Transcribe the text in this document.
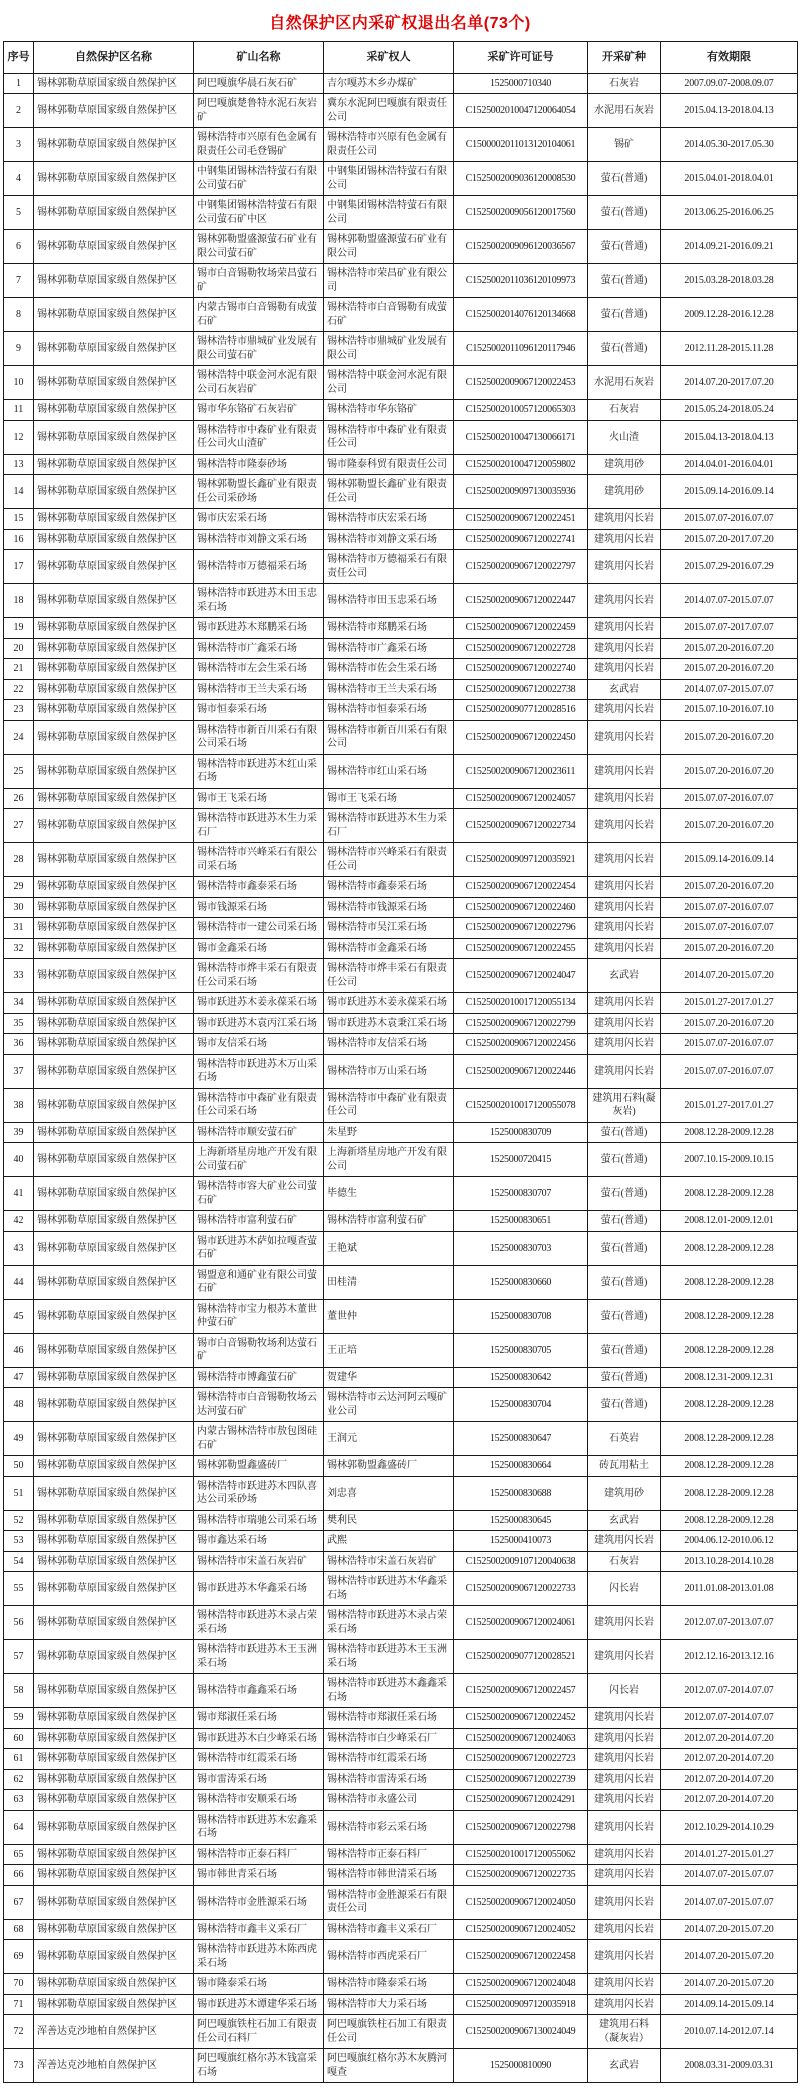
自然保护区内采矿权退出名单(73个)
序号	自然保护区名称	矿山名称	采矿权人	采矿许可证号	开采矿种	有效期限
1	锡林郭勒草原国家级自然保护区	阿巴嘎旗华晨石灰石矿	吉尔嘎苏木乡办煤矿	1525000710340	石灰岩	2007.09.07-2008.09.07
2	锡林郭勒草原国家级自然保护区	阿巴嘎旗楚鲁特水泥石灰岩矿	冀东水泥阿巴嘎旗有限责任公司	C1525002010047120064054	水泥用石灰岩	2015.04.13-2018.04.13
3	锡林郭勒草原国家级自然保护区	锡林浩特市兴原有色金属有限责任公司毛登锡矿	锡林浩特市兴原有色金属有限责任公司	C1500002011013120104061	锡矿	2014.05.30-2017.05.30
4	锡林郭勒草原国家级自然保护区	中钢集团锡林浩特萤石有限公司萤石矿	中钢集团锡林浩特萤石有限公司	C1525002009036120008530	萤石(普通)	2015.04.01-2018.04.01
5	锡林郭勒草原国家级自然保护区	中钢集团锡林浩特萤石有限公司萤石矿中区	中钢集团锡林浩特萤石有限公司	C1525002009056120017560	萤石(普通)	2013.06.25-2016.06.25
6	锡林郭勒草原国家级自然保护区	锡林郭勒盟盛源萤石矿业有限公司萤石矿	锡林郭勒盟盛源萤石矿业有限公司	C1525002009096120036567	萤石(普通)	2014.09.21-2016.09.21
7	锡林郭勒草原国家级自然保护区	锡市白音锡勒牧场荣昌萤石矿	锡林浩特市荣昌矿业有限公司	C1525002011036120109973	萤石(普通)	2015.03.28-2018.03.28
8	锡林郭勒草原国家级自然保护区	内蒙古锡市白音锡勒有成萤石矿	锡林浩特市白音锡勒有成萤石矿	C1525002014076120134668	萤石(普通)	2009.12.28-2016.12.28
9	锡林郭勒草原国家级自然保护区	锡林浩特市鼎城矿业发展有限公司萤石矿	锡林浩特市鼎城矿业发展有限公司	C1525002011096120117946	萤石(普通)	2012.11.28-2015.11.28
10	锡林郭勒草原国家级自然保护区	锡林浩特中联金河水泥有限公司石灰岩矿	锡林浩特中联金河水泥有限公司	C1525002009067120022453	水泥用石灰岩	2014.07.20-2017.07.20
11	锡林郭勒草原国家级自然保护区	锡市华东铬矿石灰岩矿	锡林浩特市华东铬矿	C1525002010057120065303	石灰岩	2015.05.24-2018.05.24
12	锡林郭勒草原国家级自然保护区	锡林浩特市中森矿业有限责任公司火山渣矿	锡林浩特市中森矿业有限责任公司	C1525002010047130066171	火山渣	2015.04.13-2018.04.13
13	锡林郭勒草原国家级自然保护区	锡林浩特市隆泰砂场	锡市隆泰科贸有限责任公司	C1525002010047120059802	建筑用砂	2014.04.01-2016.04.01
14	锡林郭勒草原国家级自然保护区	锡林郭勒盟长鑫矿业有限责任公司采砂场	锡林郭勒盟长鑫矿业有限责任公司	C1525002009097130035936	建筑用砂	2015.09.14-2016.09.14
15	锡林郭勒草原国家级自然保护区	锡市庆宏采石场	锡林浩特市庆宏采石场	C1525002009067120022451	建筑用闪长岩	2015.07.07-2016.07.07
16	锡林郭勒草原国家级自然保护区	锡林浩特市刘静文采石场	锡林浩特市刘静文采石场	C1525002009067120022741	建筑用闪长岩	2015.07.20-2017.07.20
17	锡林郭勒草原国家级自然保护区	锡林浩特市万德福采石场	锡林浩特市万德福采石有限责任公司	C1525002009067120022797	建筑用闪长岩	2015.07.29-2016.07.29
18	锡林郭勒草原国家级自然保护区	锡林浩特市跃进苏木田玉忠采石场	锡林浩特市田玉忠采石场	C1525002009067120022447	建筑用闪长岩	2014.07.07-2015.07.07
19	锡林郭勒草原国家级自然保护区	锡市跃进苏木郑鹏采石场	锡林浩特市郑鹏采石场	C1525002009067120022459	建筑用闪长岩	2015.07.07-2017.07.07
20	锡林郭勒草原国家级自然保护区	锡林浩特市广鑫采石场	锡林浩特市广鑫采石场	C1525002009067120022728	建筑用闪长岩	2015.07.20-2016.07.20
21	锡林郭勒草原国家级自然保护区	锡林浩特市左会生采石场	锡林浩特市佐会生采石场	C1525002009067120022740	建筑用闪长岩	2015.07.20-2016.07.20
22	锡林郭勒草原国家级自然保护区	锡林浩特市王兰夫采石场	锡林浩特市王兰夫采石场	C1525002009067120022738	玄武岩	2014.07.07-2015.07.07
23	锡林郭勒草原国家级自然保护区	锡市恒泰采石场	锡林浩特市恒泰采石场	C1525002009077120028516	建筑用闪长岩	2015.07.10-2016.07.10
24	锡林郭勒草原国家级自然保护区	锡林浩特市新百川采石有限公司采石场	锡林浩特市新百川采石有限公司	C1525002009067120022450	建筑用闪长岩	2015.07.20-2016.07.20
25	锡林郭勒草原国家级自然保护区	锡林浩特市跃进苏木红山采石场	锡林浩特市红山采石场	C1525002009067120023611	建筑用闪长岩	2015.07.20-2016.07.20
26	锡林郭勒草原国家级自然保护区	锡市王飞采石场	锡市王飞采石场	C1525002009067120024057	建筑用闪长岩	2015.07.07-2016.07.07
27	锡林郭勒草原国家级自然保护区	锡林浩特市跃进苏木生力采石厂	锡林浩特市跃进苏木生力采石厂	C1525002009067120022734	建筑用闪长岩	2015.07.20-2016.07.20
28	锡林郭勒草原国家级自然保护区	锡林浩特市兴峰采石有限公司采石场	锡林浩特市兴峰采石有限责任公司	C1525002009097120035921	建筑用闪长岩	2015.09.14-2016.09.14
29	锡林郭勒草原国家级自然保护区	锡林浩特市鑫泰采石场	锡林浩特市鑫泰采石场	C1525002009067120022454	建筑用闪长岩	2015.07.20-2016.07.20
30	锡林郭勒草原国家级自然保护区	锡市钱源采石场	锡林浩特市钱源采石场	C1525002009067120022460	建筑用闪长岩	2015.07.07-2016.07.07
31	锡林郭勒草原国家级自然保护区	锡林浩特市一建公司采石场	锡林浩特市吴江采石场	C1525002009067120022796	建筑用闪长岩	2015.07.07-2016.07.07
32	锡林郭勒草原国家级自然保护区	锡市金鑫采石场	锡林浩特市金鑫采石场	C1525002009067120022455	建筑用闪长岩	2015.07.20-2016.07.20
33	锡林郭勒草原国家级自然保护区	锡林浩特市烨丰采石有限责任公司采石场	锡林浩特市烨丰采石有限责任公司	C1525002009067120024047	玄武岩	2014.07.20-2015.07.20
34	锡林郭勒草原国家级自然保护区	锡市跃进苏木姜永葆采石场	锡市跃进苏木姜永葆采石场	C1525002010017120055134	建筑用闪长岩	2015.01.27-2017.01.27
35	锡林郭勒草原国家级自然保护区	锡市跃进苏木袁丙江采石场	锡市跃进苏木袁秉江采石场	C1525002009067120022799	建筑用闪长岩	2015.07.20-2016.07.20
36	锡林郭勒草原国家级自然保护区	锡市友信采石场	锡林浩特市友信采石场	C1525002009067120022456	建筑用闪长岩	2015.07.07-2016.07.07
37	锡林郭勒草原国家级自然保护区	锡林浩特市跃进苏木万山采石场	锡林浩特市万山采石场	C1525002009067120022446	建筑用闪长岩	2015.07.07-2016.07.07
38	锡林郭勒草原国家级自然保护区	锡林浩特市中森矿业有限责任公司采石场	锡林浩特市中森矿业有限责任公司	C1525002010017120055078	建筑用石料(凝灰岩)	2015.01.27-2017.01.27
39	锡林郭勒草原国家级自然保护区	锡林浩特市顺安萤石矿	朱星野	1525000830709	萤石(普通)	2008.12.28-2009.12.28
40	锡林郭勒草原国家级自然保护区	上海新塔星房地产开发有限公司萤石矿	上海新塔星房地产开发有限公司	1525000720415	萤石(普通)	2007.10.15-2009.10.15
41	锡林郭勒草原国家级自然保护区	锡林浩特市容大矿业公司萤石矿	毕德生	1525000830707	萤石(普通)	2008.12.28-2009.12.28
42	锡林郭勒草原国家级自然保护区	锡林浩特市富利萤石矿	锡林浩特市富利萤石矿	1525000830651	萤石(普通)	2008.12.01-2009.12.01
43	锡林郭勒草原国家级自然保护区	锡市跃进苏木萨如拉嘎查萤石矿	王艳斌	1525000830703	萤石(普通)	2008.12.28-2009.12.28
44	锡林郭勒草原国家级自然保护区	锡盟意和通矿业有限公司萤石矿	田桂清	1525000830660	萤石(普通)	2008.12.28-2009.12.28
45	锡林郭勒草原国家级自然保护区	锡林浩特市宝力根苏木董世仲萤石矿	董世仲	1525000830708	萤石(普通)	2008.12.28-2009.12.28
46	锡林郭勒草原国家级自然保护区	锡市白音锡勒牧场利达萤石矿	王正培	1525000830705	萤石(普通)	2008.12.28-2009.12.28
47	锡林郭勒草原国家级自然保护区	锡林浩特市博鑫萤石矿	贺建华	1525000830642	萤石(普通)	2008.12.31-2009.12.31
48	锡林郭勒草原国家级自然保护区	锡林浩特市白音锡勒牧场云达河萤石矿	锡林浩特市云达河阿云嘎矿业公司	1525000830704	萤石(普通)	2008.12.28-2009.12.28
49	锡林郭勒草原国家级自然保护区	内蒙古锡林浩特市敖包图硅石矿	王润元	1525000830647	石英岩	2008.12.28-2009.12.28
50	锡林郭勒草原国家级自然保护区	锡林郭勒盟鑫盛砖厂	锡林郭勒盟鑫盛砖厂	1525000830664	砖瓦用粘土	2008.12.28-2009.12.28
51	锡林郭勒草原国家级自然保护区	锡林浩特市跃进苏木四队喜达公司采砂场	刘忠喜	1525000830688	建筑用砂	2008.12.28-2009.12.28
52	锡林郭勒草原国家级自然保护区	锡林浩特市瑞驰公司采石场	樊利民	1525000830645	玄武岩	2008.12.28-2009.12.28
53	锡林郭勒草原国家级自然保护区	锡市鑫达采石场	武熙	1525000410073	建筑用闪长岩	2004.06.12-2010.06.12
54	锡林郭勒草原国家级自然保护区	锡林浩特市宋盖石灰岩矿	锡林浩特市宋盖石灰岩矿	C1525002009107120040638	石灰岩	2013.10.28-2014.10.28
55	锡林郭勒草原国家级自然保护区	锡市跃进苏木华鑫采石场	锡林浩特市跃进苏木华鑫采石场	C1525002009067120022733	闪长岩	2011.01.08-2013.01.08
56	锡林郭勒草原国家级自然保护区	锡林浩特市跃进苏木录占荣采石场	锡林浩特市跃进苏木录占荣采石场	C1525002009067120024061	建筑用闪长岩	2012.07.07-2013.07.07
57	锡林郭勒草原国家级自然保护区	锡林浩特市跃进苏木王玉洲采石场	锡林浩特市跃进苏木王玉洲采石场	C1525002009077120028521	建筑用闪长岩	2012.12.16-2013.12.16
58	锡林郭勒草原国家级自然保护区	锡林浩特市鑫鑫采石场	锡林浩特市跃进苏木鑫鑫采石场	C1525002009067120022457	闪长岩	2012.07.07-2014.07.07
59	锡林郭勒草原国家级自然保护区	锡市郑淑任采石场	锡林浩特市郑淑任采石场	C1525002009067120022452	建筑用闪长岩	2012.07.07-2014.07.07
60	锡林郭勒草原国家级自然保护区	锡市跃进苏木白少峰采石场	锡林浩特市白少峰采石厂	C1525002009067120024063	建筑用闪长岩	2012.07.20-2014.07.20
61	锡林郭勒草原国家级自然保护区	锡林浩特市红霞采石场	锡林浩特市红霞采石场	C1525002009067120022723	建筑用闪长岩	2012.07.20-2014.07.20
62	锡林郭勒草原国家级自然保护区	锡市雷涛采石场	锡林浩特市雷涛采石场	C1525002009067120022739	建筑用闪长岩	2012.07.20-2014.07.20
63	锡林郭勒草原国家级自然保护区	锡林浩特市安顺采石场	锡林浩特市永盛公司	C1525002009067120024291	建筑用闪长岩	2012.07.20-2014.07.20
64	锡林郭勒草原国家级自然保护区	锡林浩特市跃进苏木宏鑫采石场	锡林浩特市彩云采石场	C1525002009067120022798	建筑用闪长岩	2012.10.29-2014.10.29
65	锡林郭勒草原国家级自然保护区	锡林浩特市正泰石料厂	锡林浩特市正泰石料厂	C1525002010017120055062	建筑用闪长岩	2014.01.27-2015.01.27
66	锡林郭勒草原国家级自然保护区	锡市韩世青采石场	锡林浩特市韩世清采石场	C1525002009067120022735	建筑用闪长岩	2014.07.07-2015.07.07
67	锡林郭勒草原国家级自然保护区	锡林浩特市金胜源采石场	锡林浩特市金胜源采石有限责任公司	C1525002009067120024050	建筑用闪长岩	2014.07.07-2015.07.07
68	锡林郭勒草原国家级自然保护区	锡林浩特市鑫丰义采石厂	锡林浩特市鑫丰义采石厂	C1525002009067120024052	建筑用闪长岩	2014.07.20-2015.07.20
69	锡林郭勒草原国家级自然保护区	锡林浩特市跃进苏木陈西虎采石场	锡林浩特市西虎采石厂	C1525002009067120022458	建筑用闪长岩	2014.07.20-2015.07.20
70	锡林郭勒草原国家级自然保护区	锡市隆泰采石场	锡林浩特市隆泰采石场	C1525002009067120024048	建筑用闪长岩	2014.07.20-2015.07.20
71	锡林郭勒草原国家级自然保护区	锡市跃进苏木谭建华采石场	锡林浩特市大力采石场	C1525002009097120035918	建筑用闪长岩	2014.09.14-2015.09.14
72	浑善达克沙地柏自然保护区	阿巴嘎旗铁柱石加工有限责任公司石料厂	阿巴嘎旗铁柱石加工有限责任公司	C1525002009067130024049	建筑用石料（凝灰岩）	2010.07.14-2012.07.14
73	浑善达克沙地柏自然保护区	阿巴嘎旗红格尔苏木钱富采石场	阿巴嘎旗红格尔苏木灰腾河嘎查	1525000810090	玄武岩	2008.03.31-2009.03.31
